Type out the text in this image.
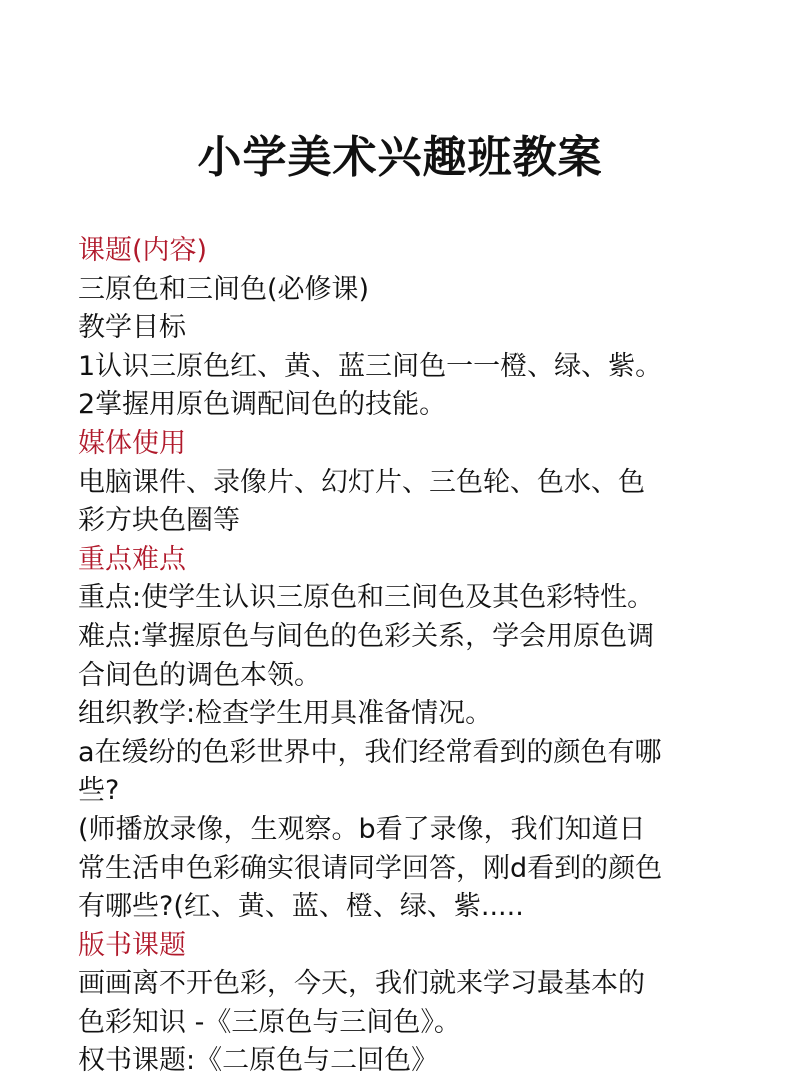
小学美术兴趣班教案
课题(内容)
三原色和三间色(必修课)
教学目标
1认识三原色红、黄、蓝三间色一一橙、绿、紫。
2掌握用原色调配间色的技能。
媒体使用
电脑课件、录像片、幻灯片、三色轮、色水、色
彩方块色圈等
重点难点
重点:使学生认识三原色和三间色及其色彩特性。
难点:掌握原色与间色的色彩关系，学会用原色调
合间色的调色本领。
组织教学:检查学生用具准备情况。
a在缓纷的色彩世界中，我们经常看到的颜色有哪
些?
(师播放录像，生观察。b看了录像，我们知道日
常生活申色彩确实很请同学回答，刚d看到的颜色
有哪些?(红、黄、蓝、橙、绿、紫.....
版书课题
画画离不开色彩，今天，我们就来学习最基本的
色彩知识 -《三原色与三间色》。
权书课题:《二原色与二回色》
